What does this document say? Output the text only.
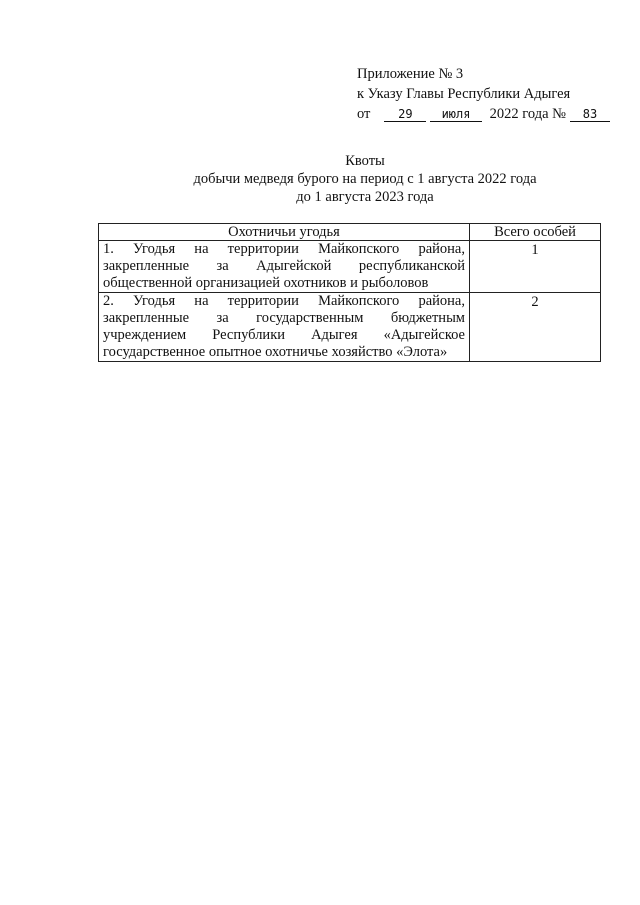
Приложение № 3
к Указу Главы Республики Адыгея
от 29 июля 2022 года № 83
Квоты
добычи медведя бурого на период с 1 августа 2022 года
до 1 августа 2023 года
Охотничьи угодья	Всего особей
1. Угодья на территории Майкопского района, закрепленные за Адыгейской республиканской общественной организацией охотников и рыболовов	1
2. Угодья на территории Майкопского района, закрепленные за государственным бюджетным учреждением Республики Адыгея «Адыгейское государственное опытное охотничье хозяйство «Элота»	2
